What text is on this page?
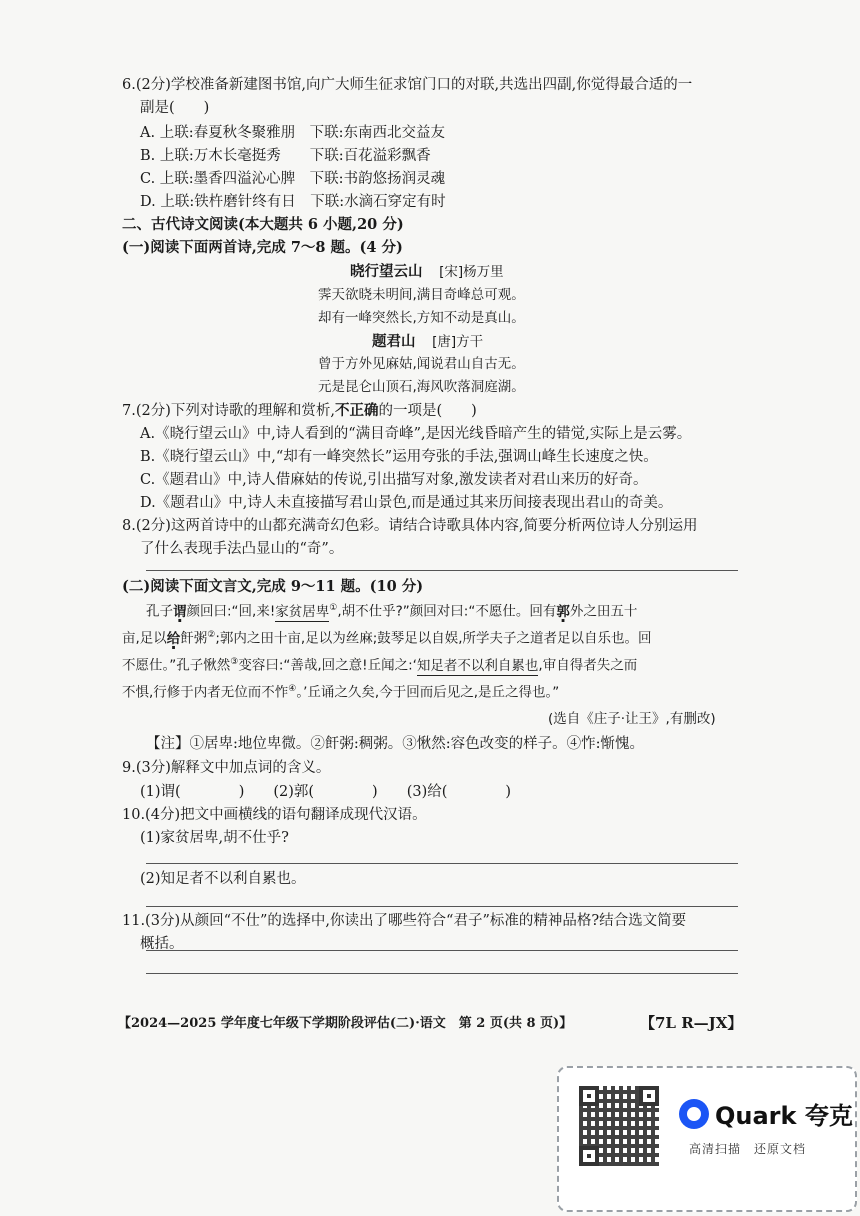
6.(2分)学校准备新建图书馆,向广大师生征求馆门口的对联,共选出四副,你觉得最合适的一
副是(　　)
A. 上联:春夏秋冬聚雅朋　下联:东南西北交益友
B. 上联:万木长毫挺秀　　下联:百花溢彩飘香
C. 上联:墨香四溢沁心脾　下联:书韵悠扬润灵魂
D. 上联:铁杵磨针终有日　下联:水滴石穿定有时
二、古代诗文阅读(本大题共 6 小题,20 分)
(一)阅读下面两首诗,完成 7～8 题。(4 分)
晓行望云山 [宋]杨万里
霁天欲晓未明间,满目奇峰总可观。
却有一峰突然长,方知不动是真山。
题君山 [唐]方干
曾于方外见麻姑,闻说君山自古无。
元是昆仑山顶石,海风吹落洞庭湖。
7.(2分)下列对诗歌的理解和赏析,不正确的一项是(　　)
A.《晓行望云山》中,诗人看到的“满目奇峰”,是因光线昏暗产生的错觉,实际上是云雾。
B.《晓行望云山》中,“却有一峰突然长”运用夸张的手法,强调山峰生长速度之快。
C.《题君山》中,诗人借麻姑的传说,引出描写对象,激发读者对君山来历的好奇。
D.《题君山》中,诗人未直接描写君山景色,而是通过其来历间接表现出君山的奇美。
8.(2分)这两首诗中的山都充满奇幻色彩。请结合诗歌具体内容,简要分析两位诗人分别运用
了什么表现手法凸显山的“奇”。
(二)阅读下面文言文,完成 9～11 题。(10 分)
孔子谓颜回曰:“回,来!家贫居卑①,胡不仕乎?”颜回对曰:“不愿仕。回有郭外之田五十
亩,足以给飦粥②;郭内之田十亩,足以为丝麻;鼓琴足以自娱,所学夫子之道者足以自乐也。回
不愿仕。”孔子愀然③变容曰:“善哉,回之意!丘闻之:‘知足者不以利自累也,审自得者失之而
不惧,行修于内者无位而不怍④。’丘诵之久矣,今于回而后见之,是丘之得也。”
(选自《庄子·让王》,有删改)
【注】①居卑:地位卑微。②飦粥:稠粥。③愀然:容色改变的样子。④怍:惭愧。
9.(3分)解释文中加点词的含义。
(1)谓(　　　　)　　(2)郭(　　　　)　　(3)给(　　　　)
10.(4分)把文中画横线的语句翻译成现代汉语。
(1)家贫居卑,胡不仕乎?
(2)知足者不以利自累也。
11.(3分)从颜回“不仕”的选择中,你读出了哪些符合“君子”标准的精神品格?结合选文简要
概括。
【2024—2025 学年度七年级下学期阶段评估(二)·语文　第 2 页(共 8 页)】	【7L R—JX】
Quark 夸克
高清扫描　还原文档
